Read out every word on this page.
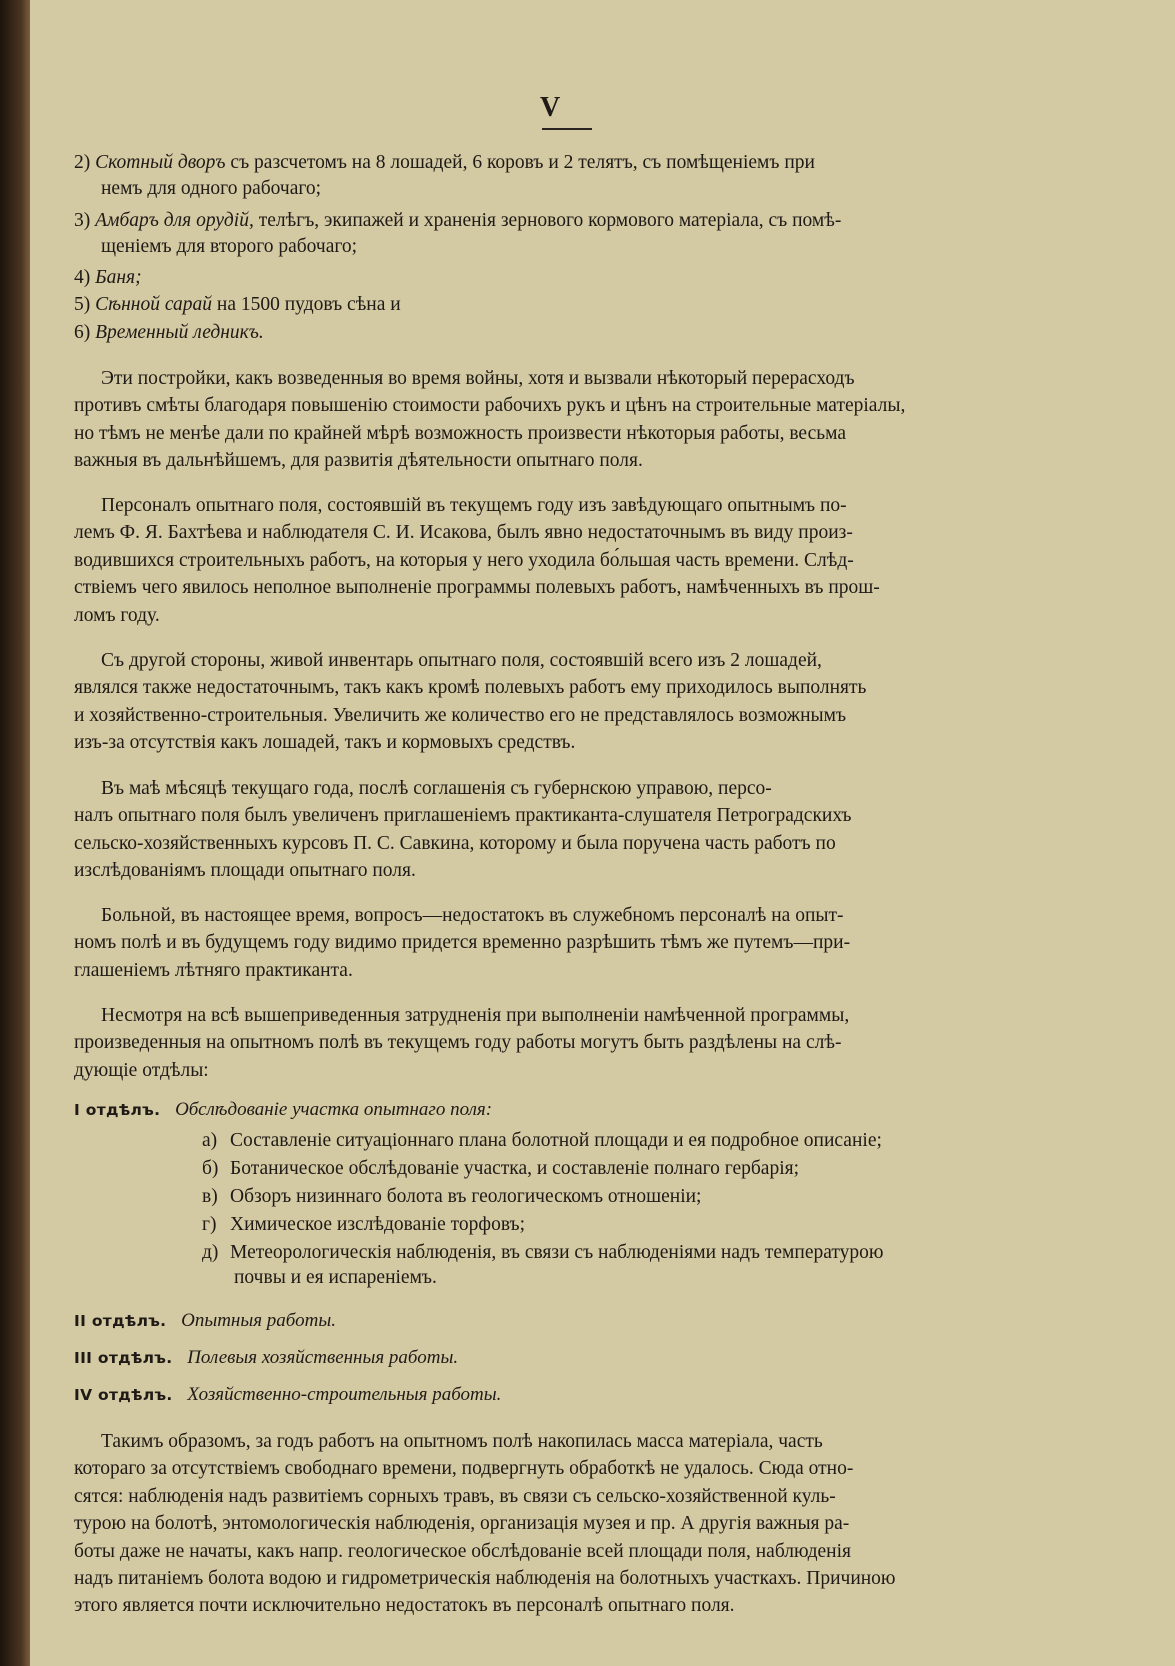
V
2) Скотный дворъ съ разсчетомъ на 8 лошадей, 6 коровъ и 2 телятъ, съ помѣщеніемъ при
немъ для одного рабочаго;
3) Амбаръ для орудій, телѣгъ, экипажей и храненія зернового кормового матеріала, съ помѣ-
щеніемъ для второго рабочаго;
4) Баня;
5) Сѣнной сарай на 1500 пудовъ сѣна и
6) Временный ледникъ.
Эти постройки, какъ возведенныя во время войны, хотя и вызвали нѣкоторый перерасходъ
противъ смѣты благодаря повышенію стоимости рабочихъ рукъ и цѣнъ на строительные матеріалы,
но тѣмъ не менѣе дали по крайней мѣрѣ возможность произвести нѣкоторыя работы, весьма
важныя въ дальнѣйшемъ, для развитія дѣятельности опытнаго поля.
Персоналъ опытнаго поля, состоявшій въ текущемъ году изъ завѣдующаго опытнымъ по-
лемъ Ф. Я. Бахтѣева и наблюдателя С. И. Исакова, былъ явно недостаточнымъ въ виду произ-
водившихся строительныхъ работъ, на которыя у него уходила бо́льшая часть времени. Слѣд-
ствіемъ чего явилось неполное выполненіе программы полевыхъ работъ, намѣченныхъ въ прош-
ломъ году.
Съ другой стороны, живой инвентарь опытнаго поля, состоявшій всего изъ 2 лошадей,
являлся также недостаточнымъ, такъ какъ кромѣ полевыхъ работъ ему приходилось выполнять
и хозяйственно-строительныя. Увеличить же количество его не представлялось возможнымъ
изъ-за отсутствія какъ лошадей, такъ и кормовыхъ средствъ.
Въ маѣ мѣсяцѣ текущаго года, послѣ соглашенія съ губернскою управою, персо-
налъ опытнаго поля былъ увеличенъ приглашеніемъ практиканта-слушателя Петроградскихъ
сельско-хозяйственныхъ курсовъ П. С. Савкина, которому и была поручена часть работъ по
изслѣдованіямъ площади опытнаго поля.
Больной, въ настоящее время, вопросъ—недостатокъ въ служебномъ персоналѣ на опыт-
номъ полѣ и въ будущемъ году видимо придется временно разрѣшить тѣмъ же путемъ—при-
глашеніемъ лѣтняго практиканта.
Несмотря на всѣ вышеприведенныя затрудненія при выполненіи намѣченной программы,
произведенныя на опытномъ полѣ въ текущемъ году работы могутъ быть раздѣлены на слѣ-
дующіе отдѣлы:
I отдѣлъ. Обслѣдованіе участка опытнаго поля:
а) Составленіе ситуаціоннаго плана болотной площади и ея подробное описаніе;
б) Ботаническое обслѣдованіе участка, и составленіе полнаго гербарія;
в) Обзоръ низиннаго болота въ геологическомъ отношеніи;
г) Химическое изслѣдованіе торфовъ;
д) Метеорологическія наблюденія, въ связи съ наблюденіями надъ температурою
почвы и ея испареніемъ.
II отдѣлъ. Опытныя работы.
III отдѣлъ. Полевыя хозяйственныя работы.
IV отдѣлъ. Хозяйственно-строительныя работы.
Такимъ образомъ, за годъ работъ на опытномъ полѣ накопилась масса матеріала, часть
котораго за отсутствіемъ свободнаго времени, подвергнуть обработкѣ не удалось. Сюда отно-
сятся: наблюденія надъ развитіемъ сорныхъ травъ, въ связи съ сельско-хозяйственной куль-
турою на болотѣ, энтомологическія наблюденія, организація музея и пр. А другія важныя ра-
боты даже не начаты, какъ напр. геологическое обслѣдованіе всей площади поля, наблюденія
надъ питаніемъ болота водою и гидрометрическія наблюденія на болотныхъ участкахъ. Причиною
этого является почти исключительно недостатокъ въ персоналѣ опытнаго поля.
